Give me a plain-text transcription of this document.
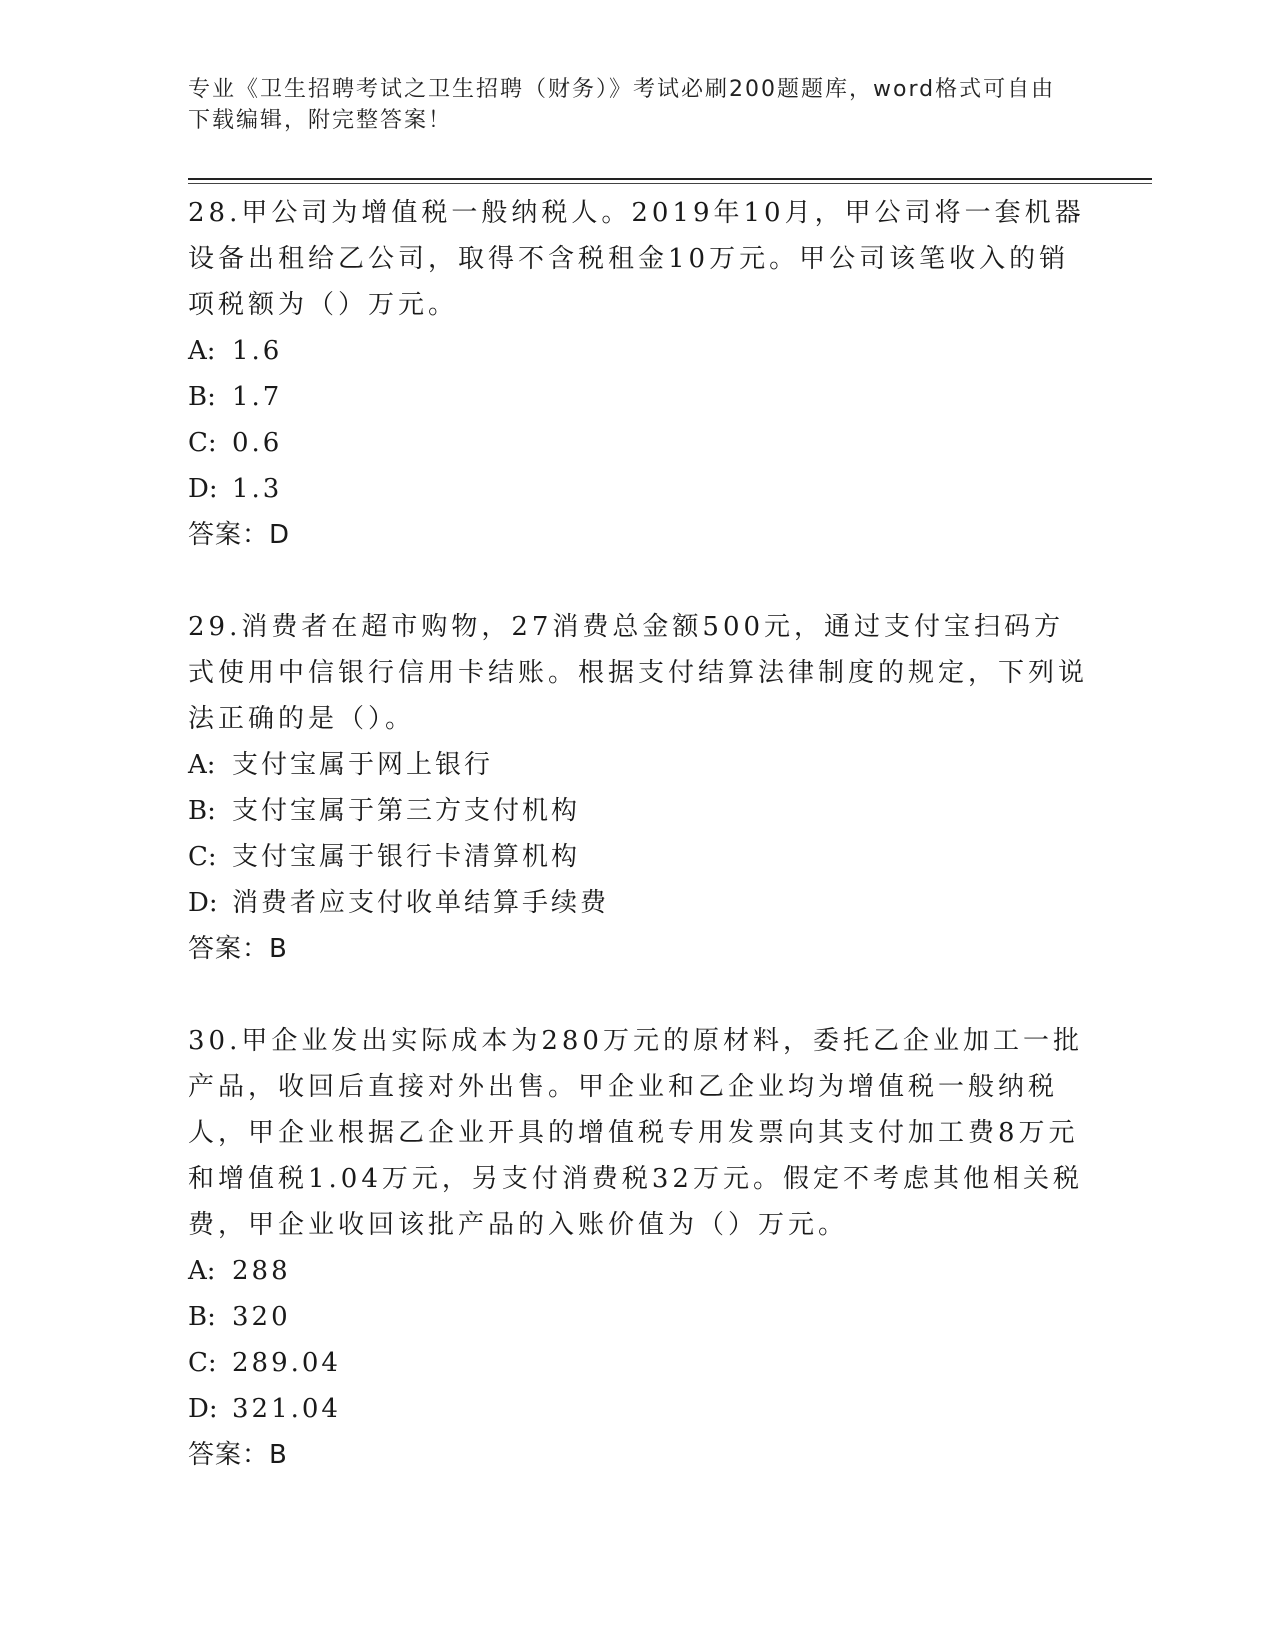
专业《卫生招聘考试之卫生招聘（财务）》考试必刷200题题库，word格式可自由下载编辑，附完整答案！

28.甲公司为增值税一般纳税人。2019年10月，甲公司将一套机器设备出租给乙公司，取得不含税租金10万元。甲公司该笔收入的销项税额为（）万元。

A: 1.6

B: 1.7

C: 0.6

D: 1.3

答案：D

29.消费者在超市购物，27消费总金额500元，通过支付宝扫码方式使用中信银行信用卡结账。根据支付结算法律制度的规定，下列说法正确的是（）。

A: 支付宝属于网上银行

B: 支付宝属于第三方支付机构

C: 支付宝属于银行卡清算机构

D: 消费者应支付收单结算手续费

答案：B

30.甲企业发出实际成本为280万元的原材料，委托乙企业加工一批产品，收回后直接对外出售。甲企业和乙企业均为增值税一般纳税人，甲企业根据乙企业开具的增值税专用发票向其支付加工费8万元和增值税1.04万元，另支付消费税32万元。假定不考虑其他相关税费，甲企业收回该批产品的入账价值为（）万元。

A: 288

B: 320

C: 289.04

D: 321.04

答案：B
